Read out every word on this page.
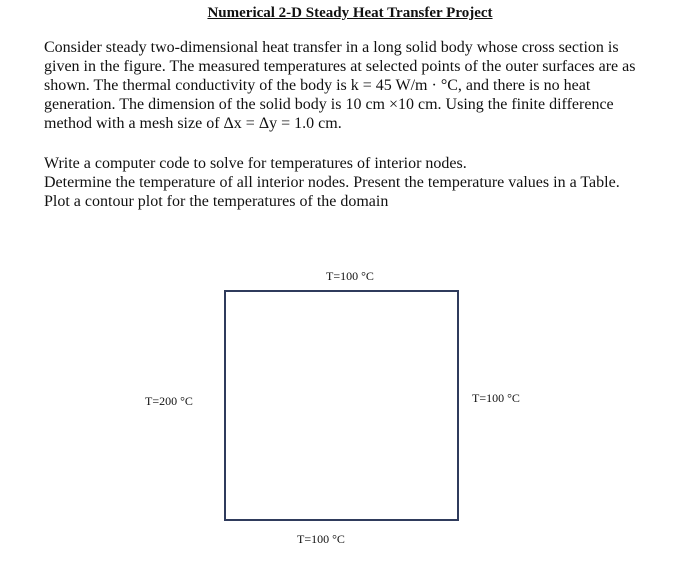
Numerical 2-D Steady Heat Transfer Project
Consider steady two-dimensional heat transfer in a long solid body whose cross section is
given in the figure. The measured temperatures at selected points of the outer surfaces are as
shown. The thermal conductivity of the body is k = 45 W/m · °C, and there is no heat
generation. The dimension of the solid body is 10 cm ×10 cm. Using the finite difference
method with a mesh size of Δx = Δy = 1.0 cm.
Write a computer code to solve for temperatures of interior nodes.
Determine the temperature of all interior nodes. Present the temperature values in a Table.
Plot a contour plot for the temperatures of the domain
T=100 °C
T=200 °C	T=100 °C
T=100 °C
